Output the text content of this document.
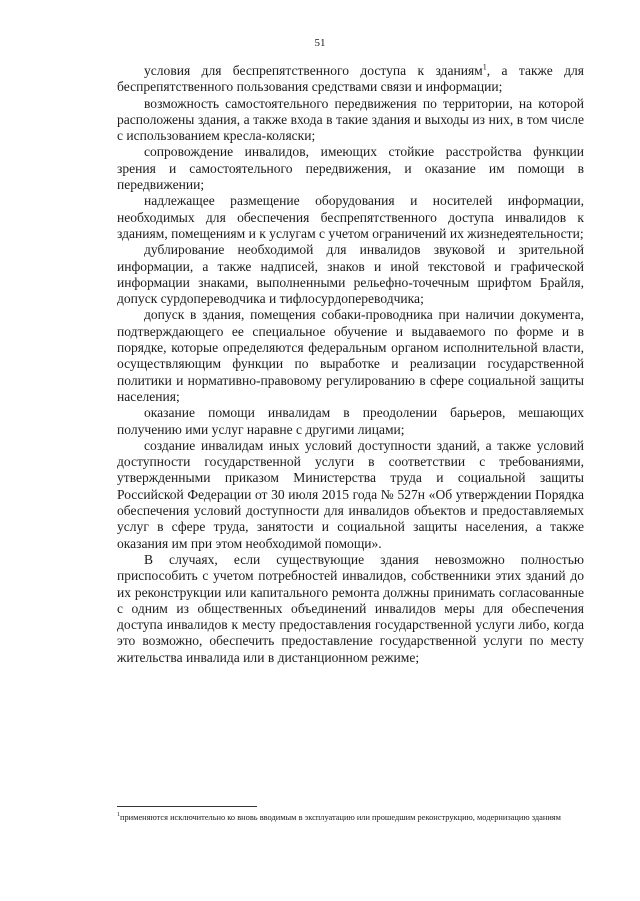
51

условия для беспрепятственного доступа к зданиям$^1$, а также для беспрепятственного пользования средствами связи и информации;

возможность самостоятельного передвижения по территории, на которой расположены здания, а также входа в такие здания и выходы из них, в том числе с использованием кресла-коляски;

сопровождение инвалидов, имеющих стойкие расстройства функции зрения и самостоятельного передвижения, и оказание им помощи в передвижении;

надлежащее размещение оборудования и носителей информации, необходимых для обеспечения беспрепятственного доступа инвалидов к зданиям, помещениям и к услугам с учетом ограничений их жизнедеятельности;

дублирование необходимой для инвалидов звуковой и зрительной информации, а также надписей, знаков и иной текстовой и графической информации знаками, выполненными рельефно-точечным шрифтом Брайля, допуск сурдопереводчика и тифлосурдопереводчика;

допуск в здания, помещения собаки-проводника при наличии документа, подтверждающего ее специальное обучение и выдаваемого по форме и в порядке, которые определяются федеральным органом исполнительной власти, осуществляющим функции по выработке и реализации государственной политики и нормативно-правовому регулированию в сфере социальной защиты населения;

оказание помощи инвалидам в преодолении барьеров, мешающих получению ими услуг наравне с другими лицами;

создание инвалидам иных условий доступности зданий, а также условий доступности государственной услуги в соответствии с требованиями, утвержденными приказом Министерства труда и социальной защиты Российской Федерации от 30 июля 2015 года № 527н «Об утверждении Порядка обеспечения условий доступности для инвалидов объектов и предоставляемых услуг в сфере труда, занятости и социальной защиты населения, а также оказания им при этом необходимой помощи».

В случаях, если существующие здания невозможно полностью приспособить с учетом потребностей инвалидов, собственники этих зданий до их реконструкции или капитального ремонта должны принимать согласованные с одним из общественных объединений инвалидов меры для обеспечения доступа инвалидов к месту предоставления государственной услуги либо, когда это возможно, обеспечить предоставление государственной услуги по месту жительства инвалида или в дистанционном режиме;

$^1$применяются исключительно ко вновь вводимым в эксплуатацию или прошедшим реконструкцию, модернизацию зданиям
